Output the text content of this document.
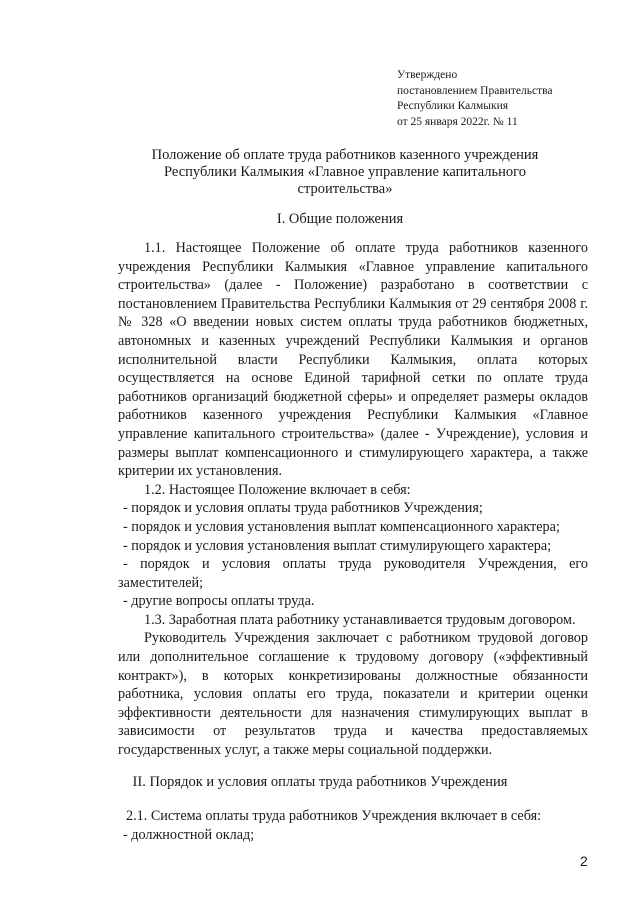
Утверждено
постановлением Правительства
Республики Калмыкия
от 25 января 2022г. № 11
Положение об оплате труда работников казенного учреждения
Республики Калмыкия «Главное управление капитального
строительства»
I. Общие положения

1.1. Настоящее Положение об оплате труда работников казенного учреждения Республики Калмыкия «Главное управление капитального строительства» (далее - Положение) разработано в соответствии с постановлением Правительства Республики Калмыкия от 29 сентября 2008 г. № 328 «О введении новых систем оплаты труда работников бюджетных, автономных и казенных учреждений Республики Калмыкия и органов исполнительной власти Республики Калмыкия, оплата которых осуществляется на основе Единой тарифной сетки по оплате труда работников организаций бюджетной сферы» и определяет размеры окладов работников казенного учреждения Республики Калмыкия «Главное управление капитального строительства» (далее - Учреждение), условия и размеры выплат компенсационного и стимулирующего характера, а также критерии их установления.

1.2. Настоящее Положение включает в себя:

- порядок и условия оплаты труда работников Учреждения;

- порядок и условия установления выплат компенсационного характера;

- порядок и условия установления выплат стимулирующего характера;

- порядок и условия оплаты труда руководителя Учреждения, его заместителей;

- другие вопросы оплаты труда.

1.3. Заработная плата работнику устанавливается трудовым договором.

Руководитель Учреждения заключает с работником трудовой договор или дополнительное соглашение к трудовому договору («эффективный контракт»), в которых конкретизированы должностные обязанности работника, условия оплаты его труда, показатели и критерии оценки эффективности деятельности для назначения стимулирующих выплат в зависимости от результатов труда и качества предоставляемых государственных услуг, а также меры социальной поддержки.

II. Порядок и условия оплаты труда работников Учреждения

2.1. Система оплаты труда работников Учреждения включает в себя:

- должностной оклад;

2
